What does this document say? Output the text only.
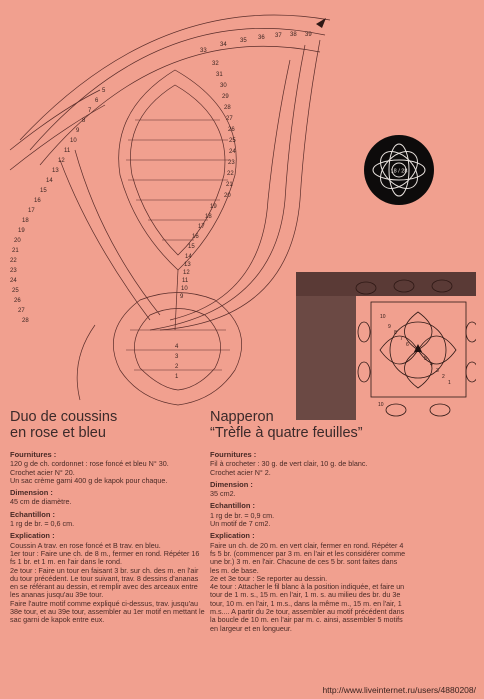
33
34
35 36 37 38 39
32
31
30
29
28
27
26
25
24
23
22
21
20
19
18
17
16
15
14
13
12
11
10
9
5
6
7
8
9
10
11
12
13
14
15
16
17
18
19
20
21
22
23
24
25
26
27
28
4
3
2
1
18 / 28
10
10
9
8
7
6
5
4
3
2
1
Duo de coussins
en rose et bleu
Fournitures :

120 g de ch. cordonnet : rose foncé et bleu N° 30.

Crochet acier N° 20.

Un sac crème garni 400 g de kapok pour chaque.

Dimension :

45 cm de diamètre.

Echantillon :

1 rg de br. = 0,6 cm.

Explication :

Coussin A trav. en rose foncé et B trav. en bleu.

1er tour : Faire une ch. de 8 m., fermer en rond. Répéter 16 fs 1 br. et 1 m. en l'air dans le rond.

2e tour : Faire un tour en faisant 3 br. sur ch. des m. en l'air du tour précédent. Le tour suivant, trav. 8 dessins d'ananas en se référant au dessin, et remplir avec des arceaux entre les ananas jusqu'au 39e tour.

Faire l'autre motif comme expliqué ci-dessus, trav. jusqu'au 38e tour, et au 39e tour, assembler au 1er motif en mettant le sac garni de kapok entre eux.

Napperon
“Trèfle à quatre feuilles”
Fournitures :

Fil à crocheter : 30 g. de vert clair, 10 g. de blanc.

Crochet acier N° 2.

Dimension :

35 cm2.

Echantillon :

1 rg de br. = 0,9 cm.

Un motif de 7 cm2.

Explication :

Faire un ch. de 20 m. en vert clair, fermer en rond. Répéter 4 fs 5 br. (commencer par 3 m. en l'air et les considérer comme une br.) 3 m. en l'air. Chacune de ces 5 br. sont faites dans les m. de base.

2e et 3e tour : Se reporter au dessin.

4e tour : Attacher le fil blanc à la position indiquée, et faire un tour de 1 m. s., 15 m. en l'air, 1 m. s. au milieu des br. du 3e tour, 10 m. en l'air, 1 m.s., dans la même m., 15 m. en l'air, 1 m.s.... A partir du 2e tour, assembler au motif précédent dans la boucle de 10 m. en l'air par m. c. ainsi, assembler 5 motifs en largeur et en longueur.

http://www.liveinternet.ru/users/4880208/
